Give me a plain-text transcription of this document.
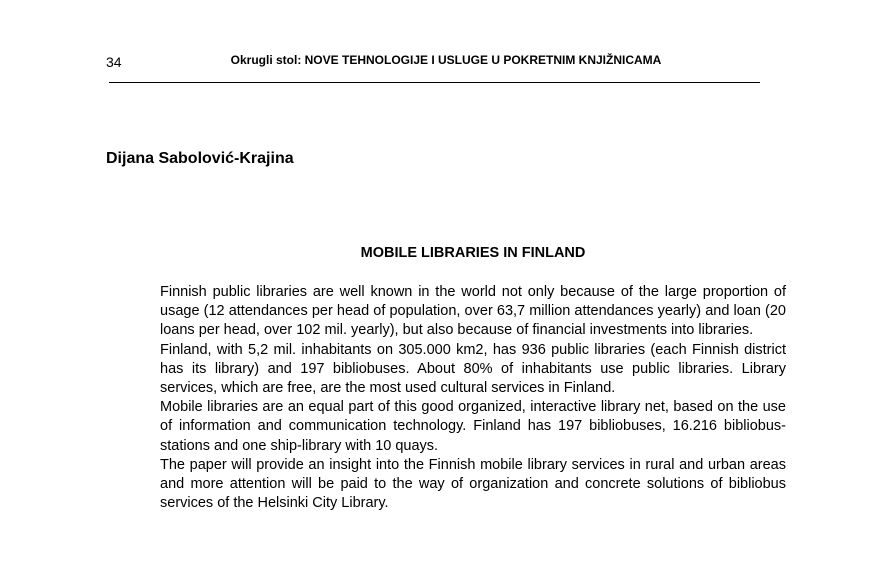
34	Okrugli stol: NOVE TEHNOLOGIJE I USLUGE U POKRETNIM KNJIŽNICAMA
Dijana Sabolović-Krajina
MOBILE LIBRARIES IN FINLAND

Finnish public libraries are well known in the world not only because of the large proportion of usage (12 attendances per head of population, over 63,7 million attendances yearly) and loan (20 loans per head, over 102 mil. yearly), but also because of financial investments into libraries.

Finland, with 5,2 mil. inhabitants on 305.000 km2, has 936 public libraries (each Finnish district has its library) and 197 bibliobuses. About 80% of inhabitants use public libraries. Library services, which are free, are the most used cultural services in Finland.

Mobile libraries are an equal part of this good organized, interactive library net, based on the use of information and communication technology. Finland has 197 bibliobuses, 16.216 bibliobus-stations and one ship-library with 10 quays.

The paper will provide an insight into the Finnish mobile library services in rural and urban areas and more attention will be paid to the way of organization and concrete solutions of bibliobus services of the Helsinki City Library.
